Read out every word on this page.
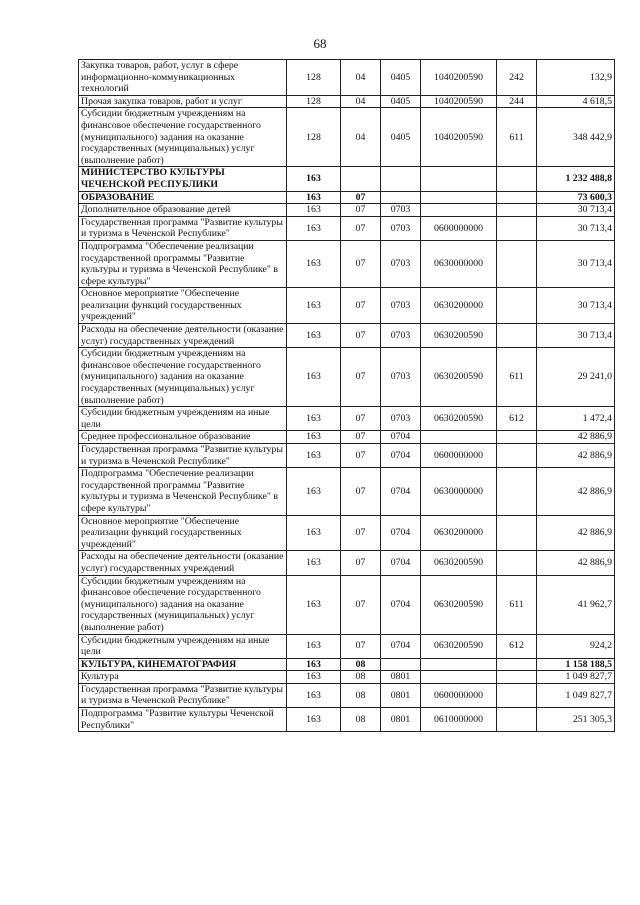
68
Закупка товаров, работ, услуг в сфере информационно-коммуникационных технологий	128	04	0405	1040200590	242	132,9
Прочая закупка товаров, работ и услуг	128	04	0405	1040200590	244	4 618,5
Субсидии бюджетным учреждениям на финансовое обеспечение государственного (муниципального) задания на оказание государственных (муниципальных) услуг (выполнение работ)	128	04	0405	1040200590	611	348 442,9
МИНИСТЕРСТВО КУЛЬТУРЫ ЧЕЧЕНСКОЙ РЕСПУБЛИКИ	163					1 232 488,8
ОБРАЗОВАНИЕ	163	07				73 600,3
Дополнительное образование детей	163	07	0703			30 713,4
Государственная программа "Развитие культуры и туризма в Чеченской Республике"	163	07	0703	0600000000		30 713,4
Подпрограмма "Обеспечение реализации государственной программы "Развитие культуры и туризма в Чеченской Республике" в сфере культуры"	163	07	0703	0630000000		30 713,4
Основное мероприятие "Обеспечение реализации функций государственных учреждений"	163	07	0703	0630200000		30 713,4
Расходы на обеспечение деятельности (оказание услуг) государственных учреждений	163	07	0703	0630200590		30 713,4
Субсидии бюджетным учреждениям на финансовое обеспечение государственного (муниципального) задания на оказание государственных (муниципальных) услуг (выполнение работ)	163	07	0703	0630200590	611	29 241,0
Субсидии бюджетным учреждениям на иные цели	163	07	0703	0630200590	612	1 472,4
Среднее профессиональное образование	163	07	0704			42 886,9
Государственная программа "Развитие культуры и туризма в Чеченской Республике"	163	07	0704	0600000000		42 886,9
Подпрограмма "Обеспечение реализации государственной программы "Развитие культуры и туризма в Чеченской Республике" в сфере культуры"	163	07	0704	0630000000		42 886,9
Основное мероприятие "Обеспечение реализации функций государственных учреждений"	163	07	0704	0630200000		42 886,9
Расходы на обеспечение деятельности (оказание услуг) государственных учреждений	163	07	0704	0630200590		42 886,9
Субсидии бюджетным учреждениям на финансовое обеспечение государственного (муниципального) задания на оказание государственных (муниципальных) услуг (выполнение работ)	163	07	0704	0630200590	611	41 962,7
Субсидии бюджетным учреждениям на иные цели	163	07	0704	0630200590	612	924,2
КУЛЬТУРА, КИНЕМАТОГРАФИЯ	163	08				1 158 188,5
Культура	163	08	0801			1 049 827,7
Государственная программа "Развитие культуры и туризма в Чеченской Республике"	163	08	0801	0600000000		1 049 827,7
Подпрограмма "Развитие культуры Чеченской Республики"	163	08	0801	0610000000		251 305,3
